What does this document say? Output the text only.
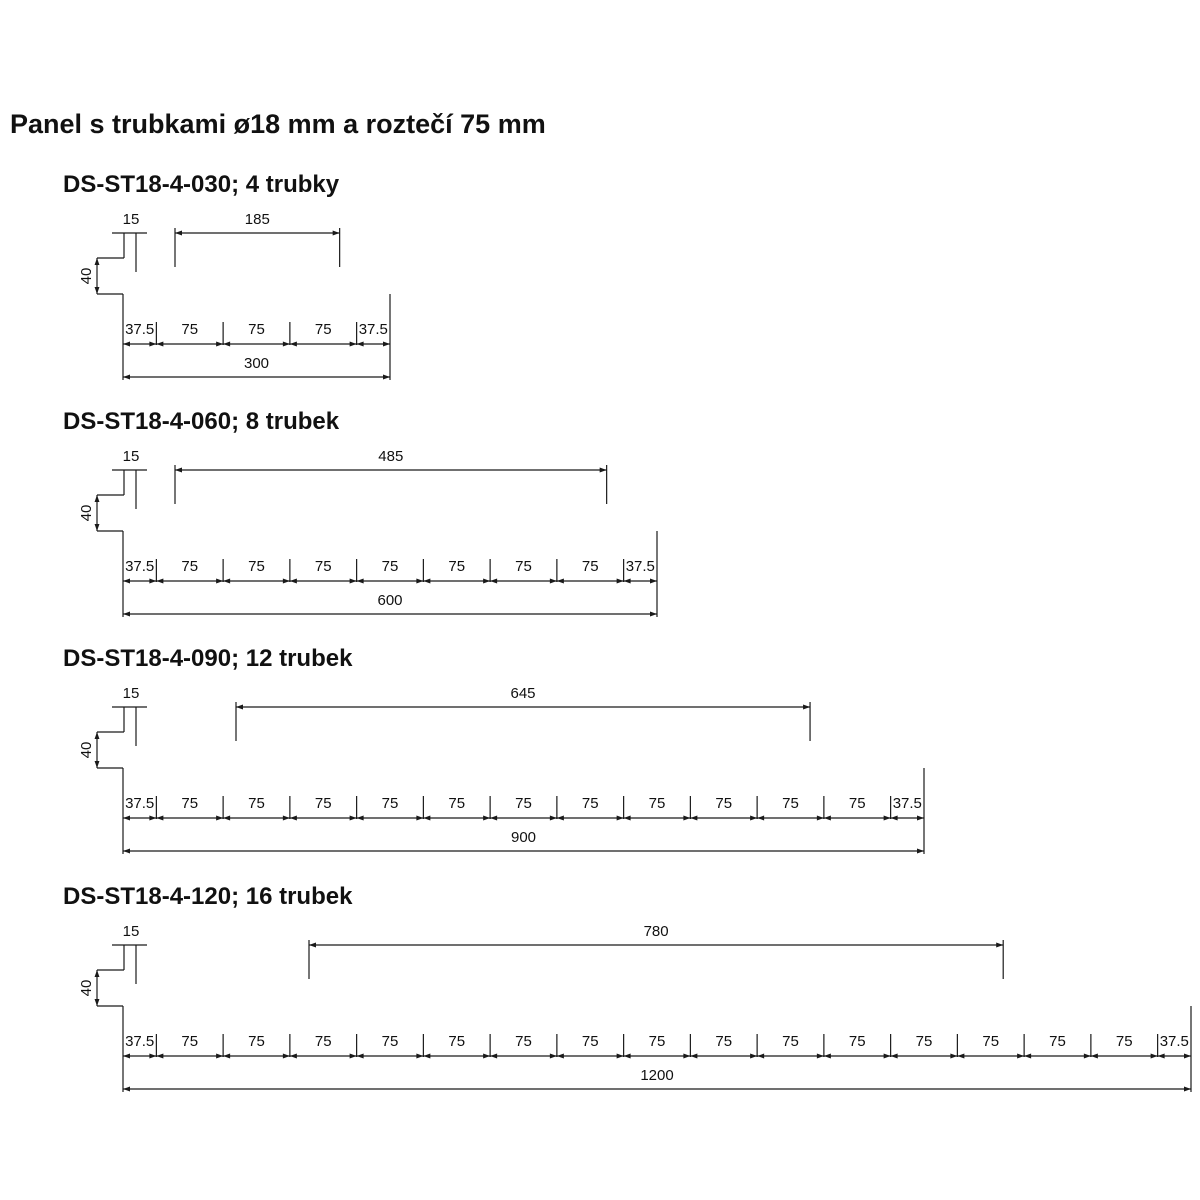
Panel s trubkami ø18 mm a roztečí 75 mm
DS-ST18-4-030; 4 trubky
15
40
185
37.5 75	75	75 37.5
300
DS-ST18-4-060; 8 trubek
15
40
485
37.5 75	75	75	75	75	75	75 37.5
600
DS-ST18-4-090; 12 trubek
15
40
645
37.5 75	75	75	75	75	75	75	75	75	75	75 37.5
900
DS-ST18-4-120; 16 trubek
15
40
780
37.5 75	75	75	75	75	75	75	75	75	75	75	75	75	75	75 37.5
1200
